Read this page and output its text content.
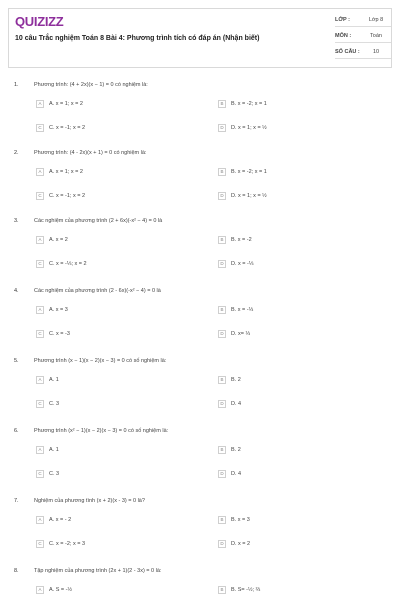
QUIZIZZ
10 câu Trắc nghiệm Toán 8 Bài 4: Phương trình tích có đáp án (Nhận biết)
LỚP :	Lớp 8
MÔN :	Toán
SỐ CÂU :	10
1.	Phương trình: (4 + 2x)(x − 1) = 0 có nghiệm là:
A A. x = 1; x = 2	B B. x = -2; x = 1
C C. x = -1; x = 2	D D. x = 1; x = ½
2.	Phương trình: (4 - 2x)(x + 1) = 0 có nghiệm là:
A A. x = 1; x = 2	B B. x = -2; x = 1
C C. x = -1; x = 2	D D. x = 1; x = ½
3.	Các nghiệm của phương trình (2 + 6x)(-x² − 4) = 0 là
A A. x = 2	B B. x = -2
C C. x = -⅓; x = 2	D D. x = -⅓
4.	Các nghiệm của phương trình (2 - 6x)(-x² − 4) = 0 là
A A. x = 3	B B. x = -⅓
C C. x = -3	D D. x= ⅓
5.	Phương trình (x − 1)(x − 2)(x − 3) = 0 có số nghiệm là:
A A. 1	B B. 2
C C. 3	D D. 4
6.	Phương trình (x² − 1)(x − 2)(x − 3) = 0 có số nghiệm là:
A A. 1	B B. 2
C C. 3	D D. 4
7.	Nghiệm của phương tình (x + 2)(x - 3) = 0 là?
A A. x = - 2	B B. x = 3
C C. x = -2; x = 3	D D. x = 2
8.	Tập nghiệm của phương trình (2x + 1)(2 - 3x) = 0 là:
A A. S = -½	B B. S= -½; ⅔
